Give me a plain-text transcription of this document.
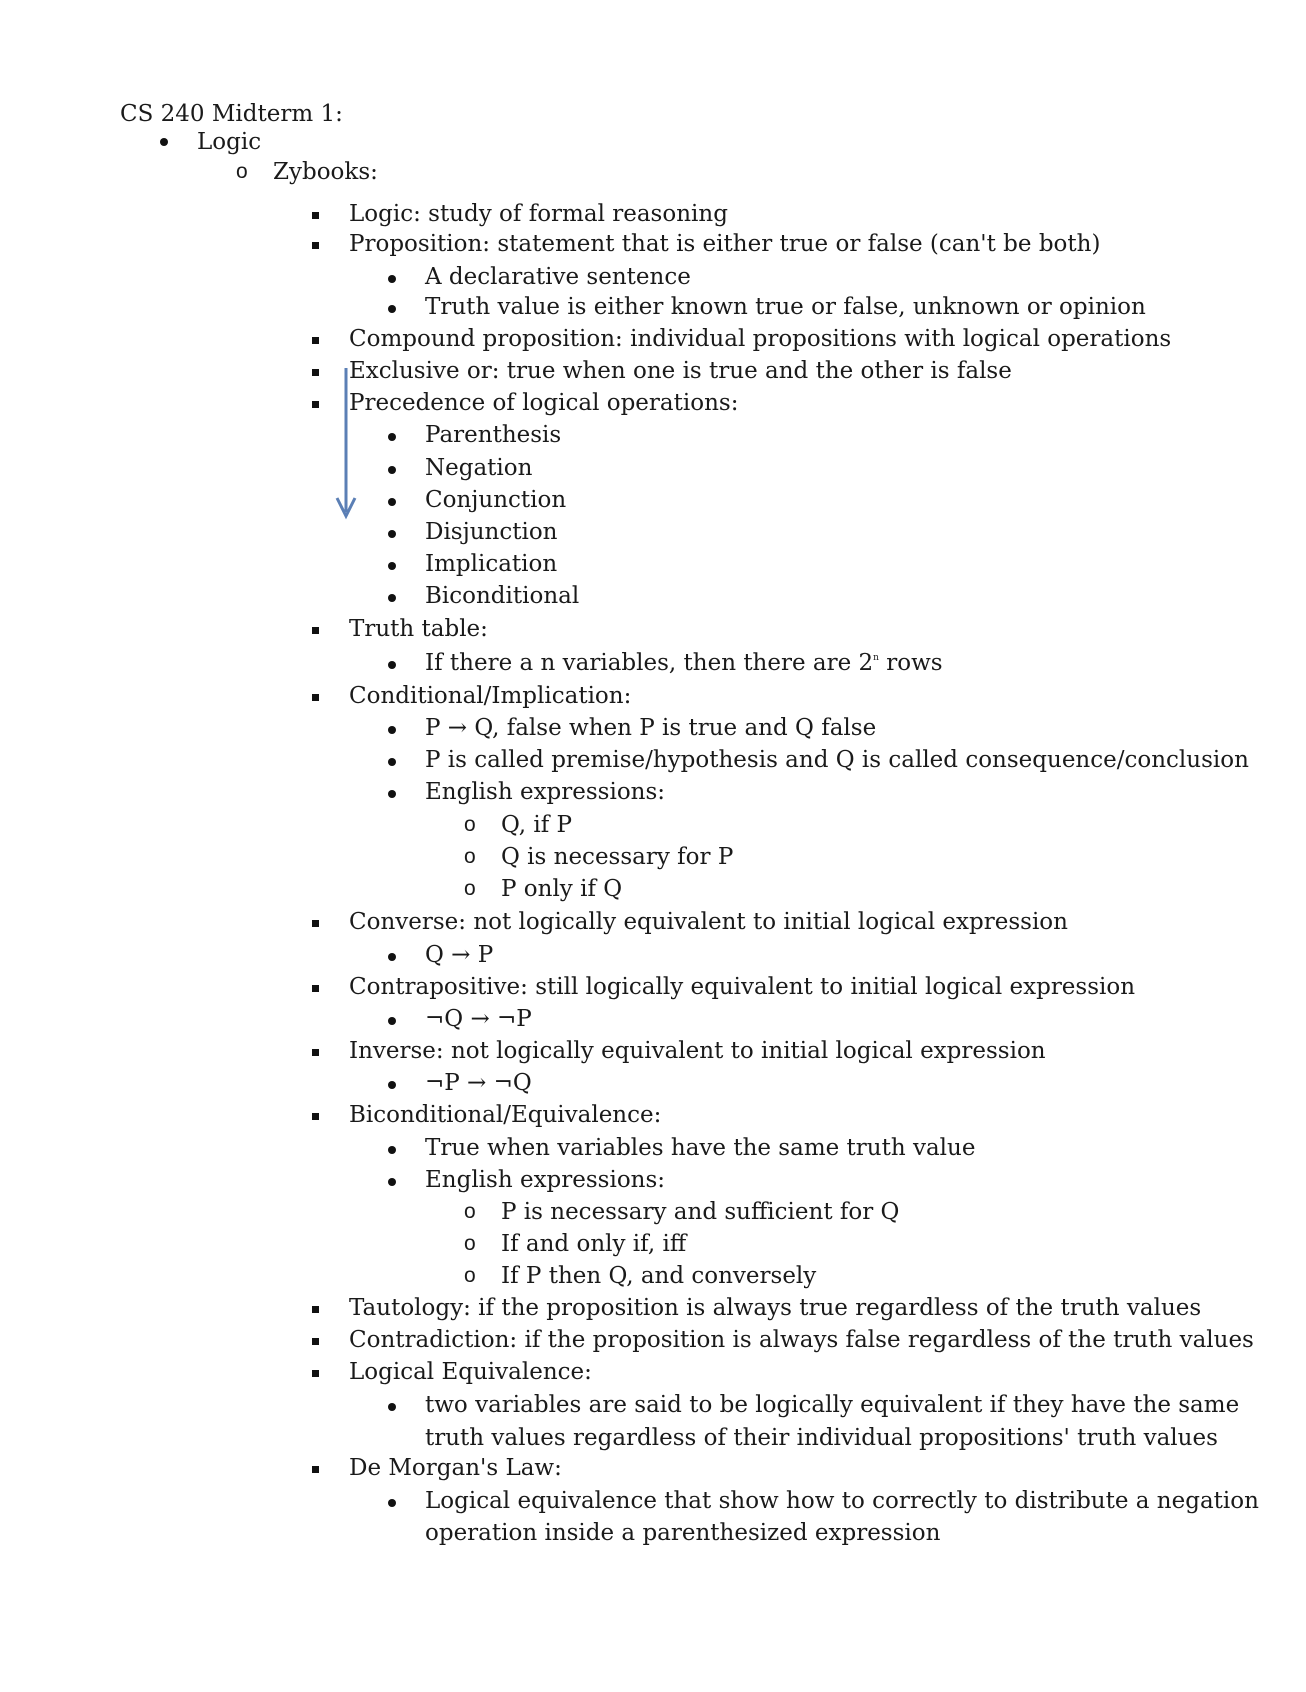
CS 240 Midterm 1:
Logic
o Zybooks:
Logic: study of formal reasoning
Proposition: statement that is either true or false (can't be both)
A declarative sentence
Truth value is either known true or false, unknown or opinion
Compound proposition: individual propositions with logical operations
Exclusive or: true when one is true and the other is false
Precedence of logical operations:
Parenthesis
Negation
Conjunction
Disjunction
Implication
Biconditional
Truth table:
If there a n variables, then there are 2$^n$ rows
Conditional/Implication:
P → Q, false when P is true and Q false
P is called premise/hypothesis and Q is called consequence/conclusion
English expressions:
o Q, if P
o Q is necessary for P
o P only if Q
Converse: not logically equivalent to initial logical expression
Q → P
Contrapositive: still logically equivalent to initial logical expression
¬Q → ¬P
Inverse: not logically equivalent to initial logical expression
¬P → ¬Q
Biconditional/Equivalence:
True when variables have the same truth value
English expressions:
o P is necessary and sufficient for Q
o If and only if, iff
o If P then Q, and conversely
Tautology: if the proposition is always true regardless of the truth values
Contradiction: if the proposition is always false regardless of the truth values
Logical Equivalence:
two variables are said to be logically equivalent if they have the same
truth values regardless of their individual propositions' truth values
De Morgan's Law:
Logical equivalence that show how to correctly to distribute a negation
operation inside a parenthesized expression
